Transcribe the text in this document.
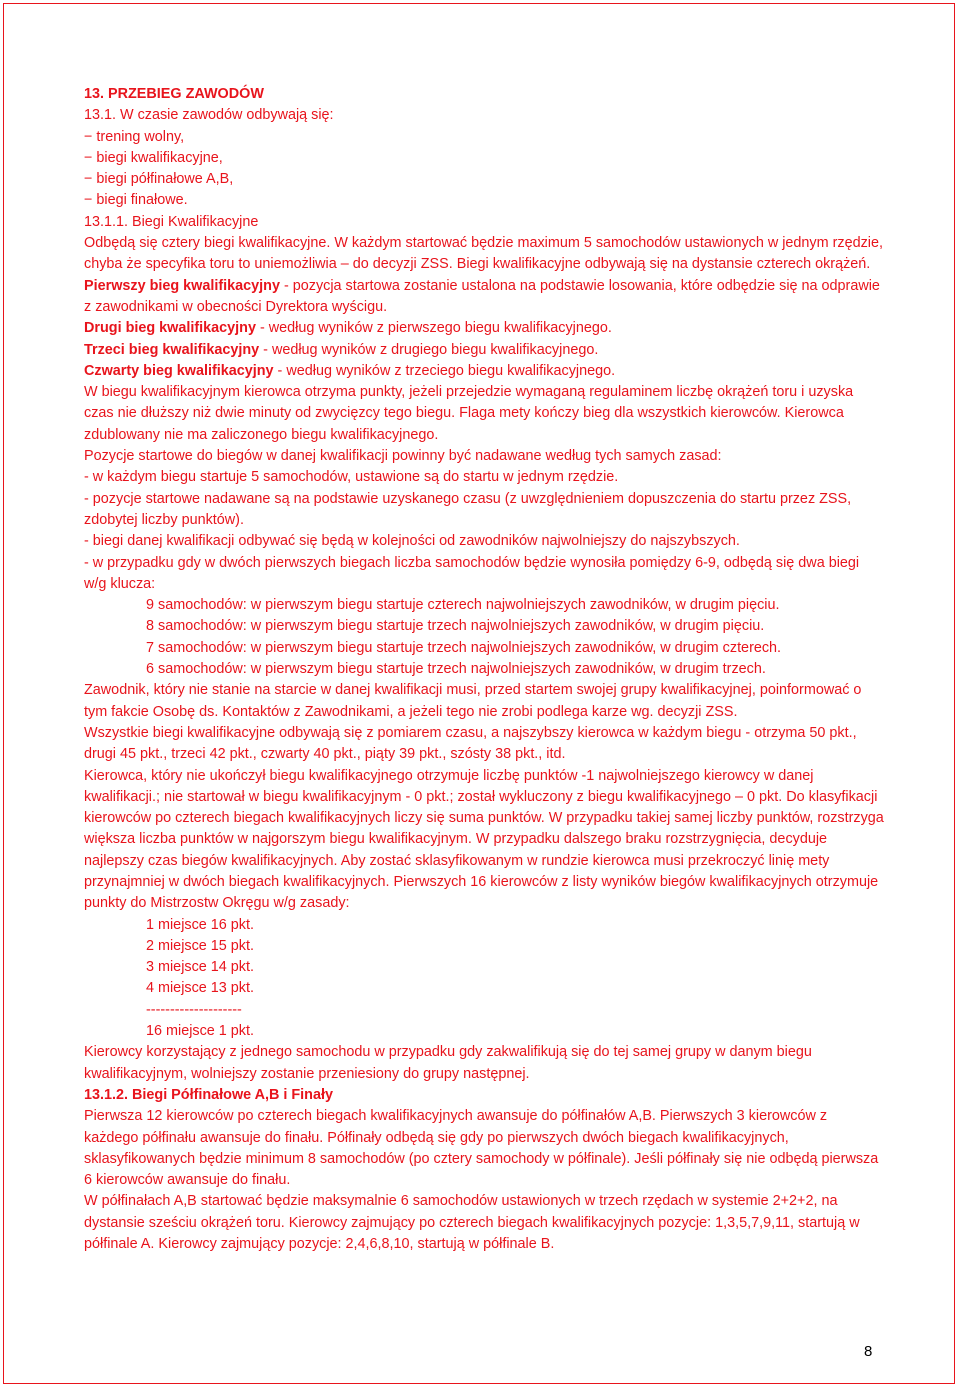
13. PRZEBIEG ZAWODÓW

13.1. W czasie zawodów odbywają się:

− trening wolny,

− biegi kwalifikacyjne,

− biegi półfinałowe A,B,

− biegi finałowe.

13.1.1. Biegi Kwalifikacyjne

Odbędą się cztery biegi kwalifikacyjne. W każdym startować będzie maximum 5 samochodów ustawionych w jednym rzędzie, chyba że specyfika toru to uniemożliwia – do decyzji ZSS. Biegi kwalifikacyjne odbywają się na dystansie czterech okrążeń.

Pierwszy bieg kwalifikacyjny - pozycja startowa zostanie ustalona na podstawie losowania, które odbędzie się na odprawie z zawodnikami w obecności Dyrektora wyścigu.

Drugi bieg kwalifikacyjny - według wyników z pierwszego biegu kwalifikacyjnego.

Trzeci bieg kwalifikacyjny - według wyników z drugiego biegu kwalifikacyjnego.

Czwarty bieg kwalifikacyjny - według wyników z trzeciego biegu kwalifikacyjnego.

W biegu kwalifikacyjnym kierowca otrzyma punkty, jeżeli przejedzie wymaganą regulaminem liczbę okrążeń toru i uzyska czas nie dłuższy niż dwie minuty od zwycięzcy tego biegu. Flaga mety kończy bieg dla wszystkich kierowców. Kierowca zdublowany nie ma zaliczonego biegu kwalifikacyjnego.

Pozycje startowe do biegów w danej kwalifikacji powinny być nadawane według tych samych zasad:

- w każdym biegu startuje 5 samochodów, ustawione są do startu w jednym rzędzie.

- pozycje startowe nadawane są na podstawie uzyskanego czasu (z uwzględnieniem dopuszczenia do startu przez ZSS, zdobytej liczby punktów).

- biegi danej kwalifikacji odbywać się będą w kolejności od zawodników najwolniejszy do najszybszych.

- w przypadku gdy w dwóch pierwszych biegach liczba samochodów będzie wynosiła pomiędzy 6-9, odbędą się dwa biegi w/g klucza:

9 samochodów: w pierwszym biegu startuje czterech najwolniejszych zawodników, w drugim pięciu.

8 samochodów: w pierwszym biegu startuje trzech najwolniejszych zawodników, w drugim pięciu.

7 samochodów: w pierwszym biegu startuje trzech najwolniejszych zawodników, w drugim czterech.

6 samochodów: w pierwszym biegu startuje trzech najwolniejszych zawodników, w drugim trzech.

Zawodnik, który nie stanie na starcie w danej kwalifikacji musi, przed startem swojej grupy kwalifikacyjnej, poinformować o tym fakcie Osobę ds. Kontaktów z Zawodnikami, a jeżeli tego nie zrobi podlega karze wg. decyzji ZSS.

Wszystkie biegi kwalifikacyjne odbywają się z pomiarem czasu, a najszybszy kierowca w każdym biegu - otrzyma 50 pkt., drugi 45 pkt., trzeci 42 pkt., czwarty 40 pkt., piąty 39 pkt., szósty 38 pkt., itd.

Kierowca, który nie ukończył biegu kwalifikacyjnego otrzymuje liczbę punktów -1 najwolniejszego kierowcy w danej kwalifikacji.; nie startował w biegu kwalifikacyjnym - 0 pkt.; został wykluczony z biegu kwalifikacyjnego – 0 pkt. Do klasyfikacji kierowców po czterech biegach kwalifikacyjnych liczy się suma punktów. W przypadku takiej samej liczby punktów, rozstrzyga większa liczba punktów w najgorszym biegu kwalifikacyjnym. W przypadku dalszego braku rozstrzygnięcia, decyduje najlepszy czas biegów kwalifikacyjnych. Aby zostać sklasyfikowanym w rundzie kierowca musi przekroczyć linię mety przynajmniej w dwóch biegach kwalifikacyjnych. Pierwszych 16 kierowców z listy wyników biegów kwalifikacyjnych otrzymuje punkty do Mistrzostw Okręgu w/g zasady:

1 miejsce 16 pkt.

2 miejsce 15 pkt.

3 miejsce 14 pkt.

4 miejsce 13 pkt.

--------------------

16 miejsce 1 pkt.

Kierowcy korzystający z jednego samochodu w przypadku gdy zakwalifikują się do tej samej grupy w danym biegu kwalifikacyjnym, wolniejszy zostanie przeniesiony do grupy następnej.

13.1.2. Biegi Półfinałowe A,B i Finały

Pierwsza 12 kierowców po czterech biegach kwalifikacyjnych awansuje do półfinałów A,B. Pierwszych 3 kierowców z każdego półfinału awansuje do finału. Półfinały odbędą się gdy po pierwszych dwóch biegach kwalifikacyjnych, sklasyfikowanych będzie minimum 8 samochodów (po cztery samochody w półfinale). Jeśli półfinały się nie odbędą pierwsza 6 kierowców awansuje do finału.

W półfinałach A,B startować będzie maksymalnie 6 samochodów ustawionych w trzech rzędach w systemie 2+2+2, na dystansie sześciu okrążeń toru. Kierowcy zajmujący po czterech biegach kwalifikacyjnych pozycje: 1,3,5,7,9,11, startują w półfinale A. Kierowcy zajmujący pozycje: 2,4,6,8,10, startują w półfinale B.

8
